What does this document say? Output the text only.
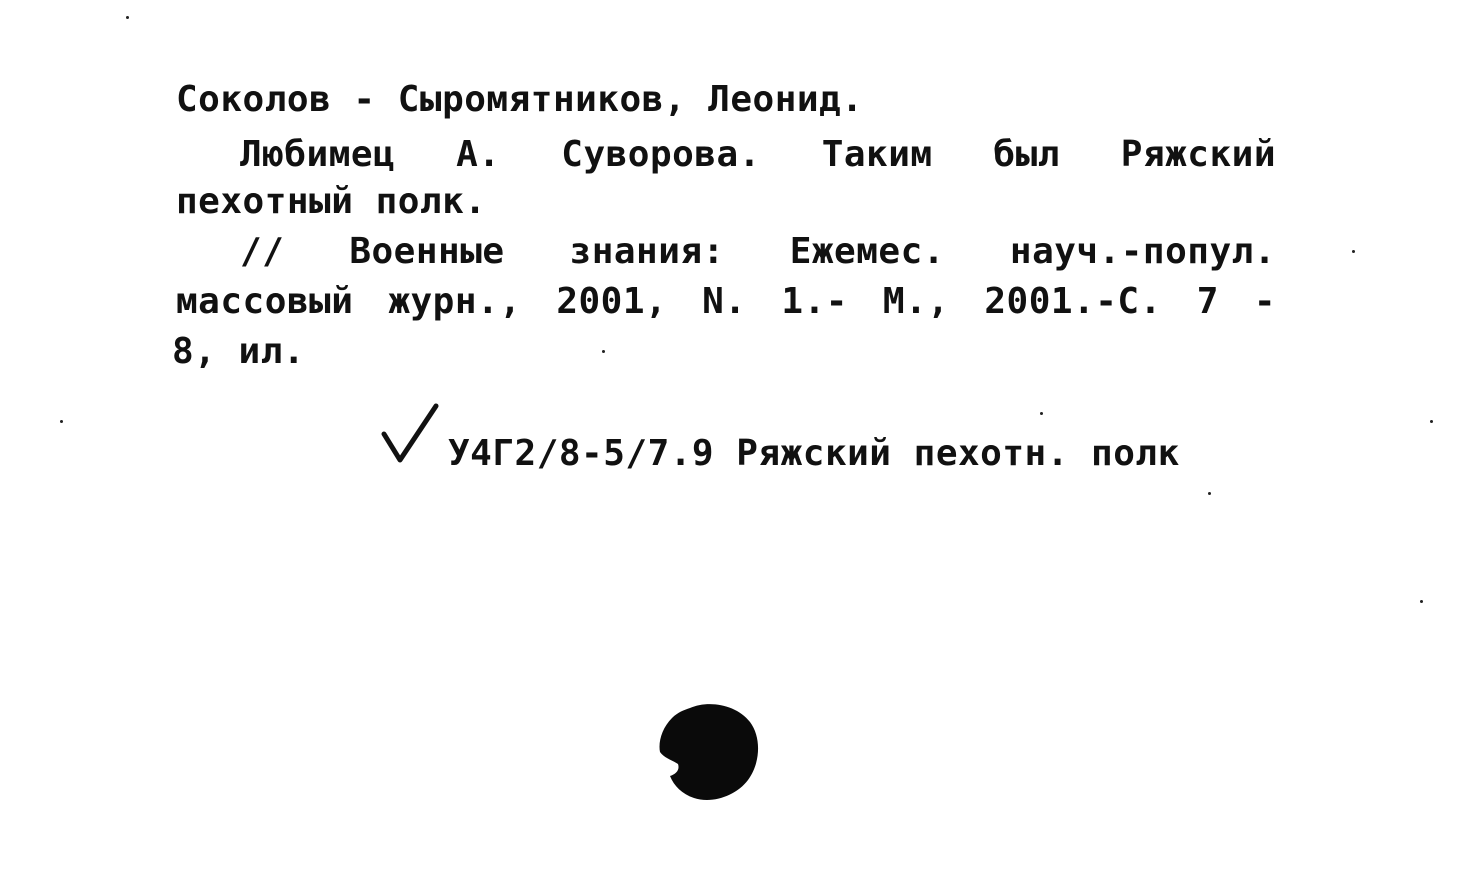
Соколов - Сыромятников, Леонид.
Любимец А. Суворова. Таким был Ряжский
пехотный полк.
// Военные знания: Ежемес. науч.-попул.
массовый журн., 2001, N. 1.- М., 2001.-С. 7 -
8, ил.
У4Г2/8-5/7.9 Ряжский пехотн. полк
